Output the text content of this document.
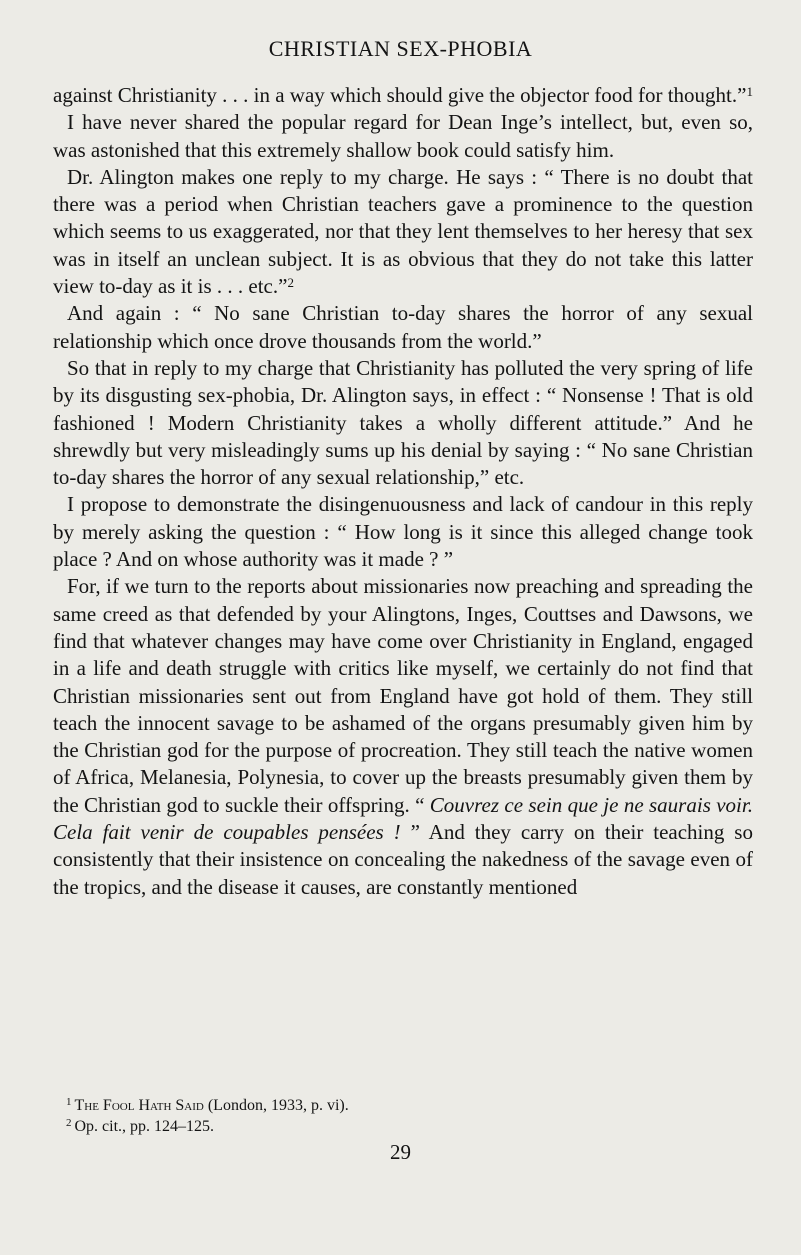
CHRISTIAN SEX-PHOBIA

against Christianity . . . in a way which should give the objector food for thought.”$^1$

I have never shared the popular regard for Dean Inge’s intellect, but, even so, was astonished that this extremely shallow book could satisfy him.

Dr. Alington makes one reply to my charge. He says : “ There is no doubt that there was a period when Christian teachers gave a prominence to the question which seems to us exaggerated, nor that they lent themselves to her heresy that sex was in itself an unclean subject. It is as obvious that they do not take this latter view to-day as it is . . . etc.”$^2$

And again : “ No sane Christian to-day shares the horror of any sexual relationship which once drove thousands from the world.”

So that in reply to my charge that Christianity has polluted the very spring of life by its disgusting sex-phobia, Dr. Alington says, in effect : “ Nonsense ! That is old fashioned ! Modern Christianity takes a wholly different attitude.” And he shrewdly but very misleadingly sums up his denial by saying : “ No sane Christian to-day shares the horror of any sexual relationship,” etc.

I propose to demonstrate the disingenuousness and lack of candour in this reply by merely asking the question : “ How long is it since this alleged change took place ? And on whose authority was it made ? ”

For, if we turn to the reports about missionaries now preaching and spreading the same creed as that defended by your Alingtons, Inges, Couttses and Dawsons, we find that whatever changes may have come over Christianity in England, engaged in a life and death struggle with critics like myself, we certainly do not find that Christian missionaries sent out from England have got hold of them. They still teach the innocent savage to be ashamed of the organs presumably given him by the Christian god for the purpose of procreation. They still teach the native women of Africa, Melanesia, Polynesia, to cover up the breasts presumably given them by the Christian god to suckle their offspring. “ Couvrez ce sein que je ne saurais voir. Cela fait venir de coupables pensées ! ” And they carry on their teaching so consistently that their insistence on concealing the nakedness of the savage even of the tropics, and the disease it causes, are constantly mentioned

$^1$ The Fool Hath Said (London, 1933, p. vi).
$^2$ Op. cit., pp. 124–125.
29
